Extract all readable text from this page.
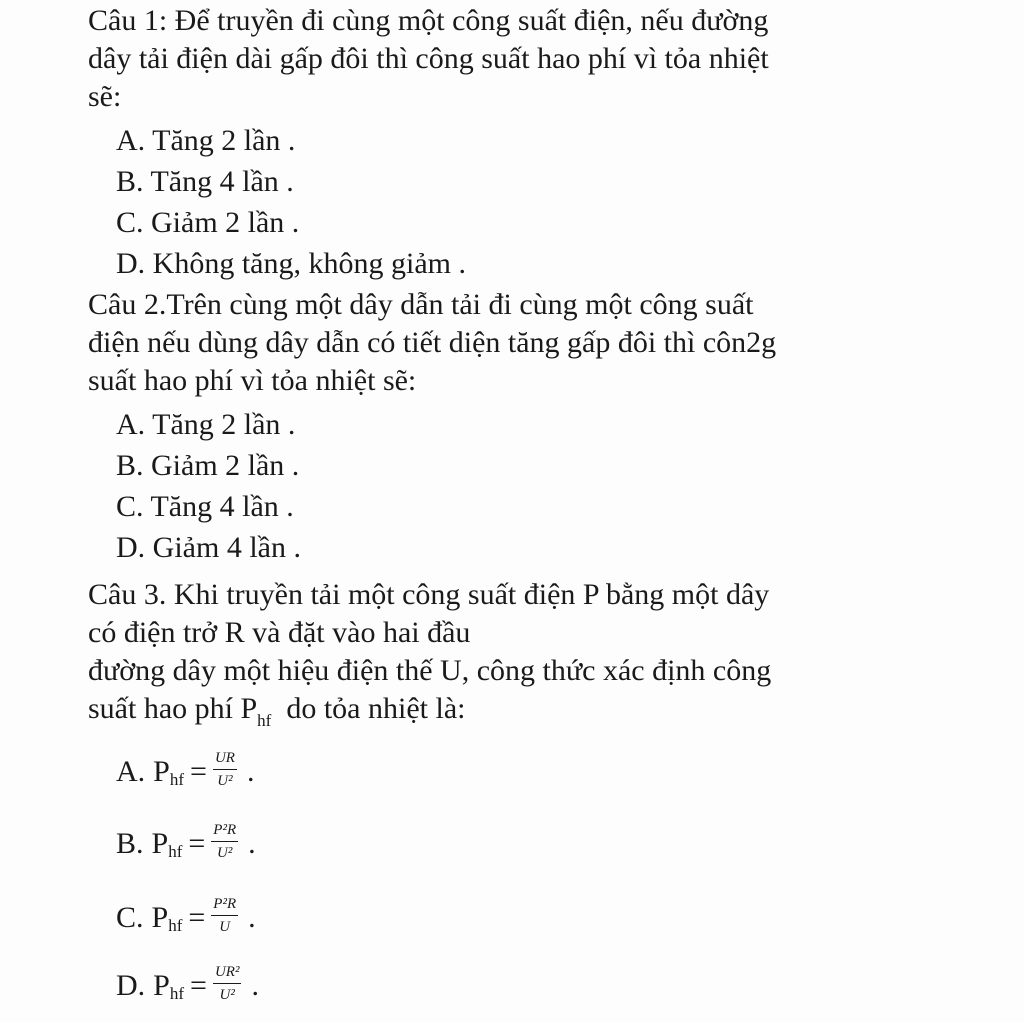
Câu 1: Để truyền đi cùng một công suất điện, nếu đường
dây tải điện dài gấp đôi thì công suất hao phí vì tỏa nhiệt
sẽ:
A. Tăng 2 lần .
B. Tăng 4 lần .
C. Giảm 2 lần .
D. Không tăng, không giảm .
Câu 2.Trên cùng một dây dẫn tải đi cùng một công suất
điện nếu dùng dây dẫn có tiết diện tăng gấp đôi thì côn2g
suất hao phí vì tỏa nhiệt sẽ:
A. Tăng 2 lần .
B. Giảm 2 lần .
C. Tăng 4 lần .
D. Giảm 4 lần .
Câu 3. Khi truyền tải một công suất điện P bằng một dây
có điện trở R và đặt vào hai đầu
đường dây một hiệu điện thế U, công thức xác định công
suất hao phí $P_{hf}$  do tỏa nhiệt là:
A. P hf = $\frac{UR}{\text{U²}}$ .
B. P hf = $\frac{\text{P²R}}{\text{U²}}$ .
C. P hf = $\frac{\text{P²R}}{U}$ .
D. P hf = $\frac{\text{UR²}}{\text{U²}}$ .
